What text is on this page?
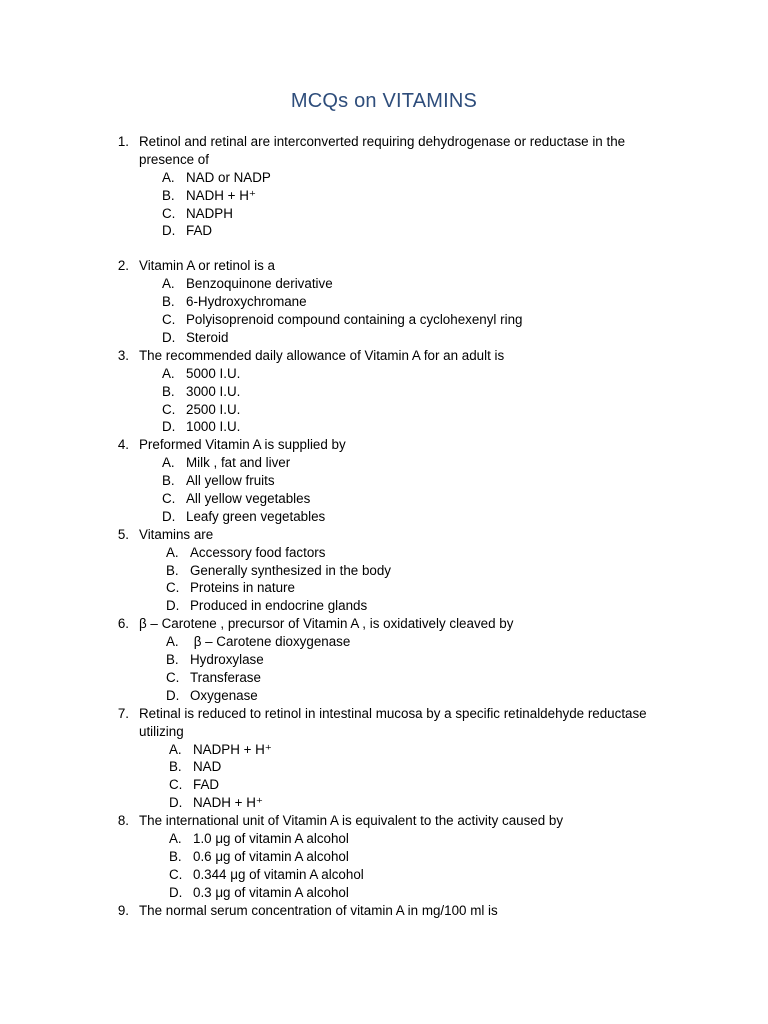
MCQs on VITAMINS
1. Retinol and retinal are interconverted requiring dehydrogenase or reductase in the presence of
A. NAD or NADP
B. NADH + H⁺
C. NADPH
D. FAD
2. Vitamin A or retinol is a
A. Benzoquinone derivative
B. 6-Hydroxychromane
C. Polyisoprenoid compound containing a cyclohexenyl ring
D. Steroid
3. The recommended daily allowance of Vitamin A for an adult is
A. 5000 I.U.
B. 3000 I.U.
C. 2500 I.U.
D. 1000 I.U.
4. Preformed Vitamin A is supplied by
A. Milk , fat and liver
B. All yellow fruits
C. All yellow vegetables
D. Leafy green vegetables
5. Vitamins are
A. Accessory food factors
B. Generally synthesized in the body
C. Proteins in nature
D. Produced in endocrine glands
6. β – Carotene , precursor of Vitamin A , is oxidatively cleaved by
A. β – Carotene dioxygenase
B. Hydroxylase
C. Transferase
D. Oxygenase
7. Retinal is reduced to retinol in intestinal mucosa by a specific retinaldehyde reductase utilizing
A. NADPH + H⁺
B. NAD
C. FAD
D. NADH + H⁺
8. The international unit of Vitamin A is equivalent to the activity caused by
A. 1.0 μg of vitamin A alcohol
B. 0.6 μg of vitamin A alcohol
C. 0.344 μg of vitamin A alcohol
D. 0.3 μg of vitamin A alcohol
9. The normal serum concentration of vitamin A in mg/100 ml is
